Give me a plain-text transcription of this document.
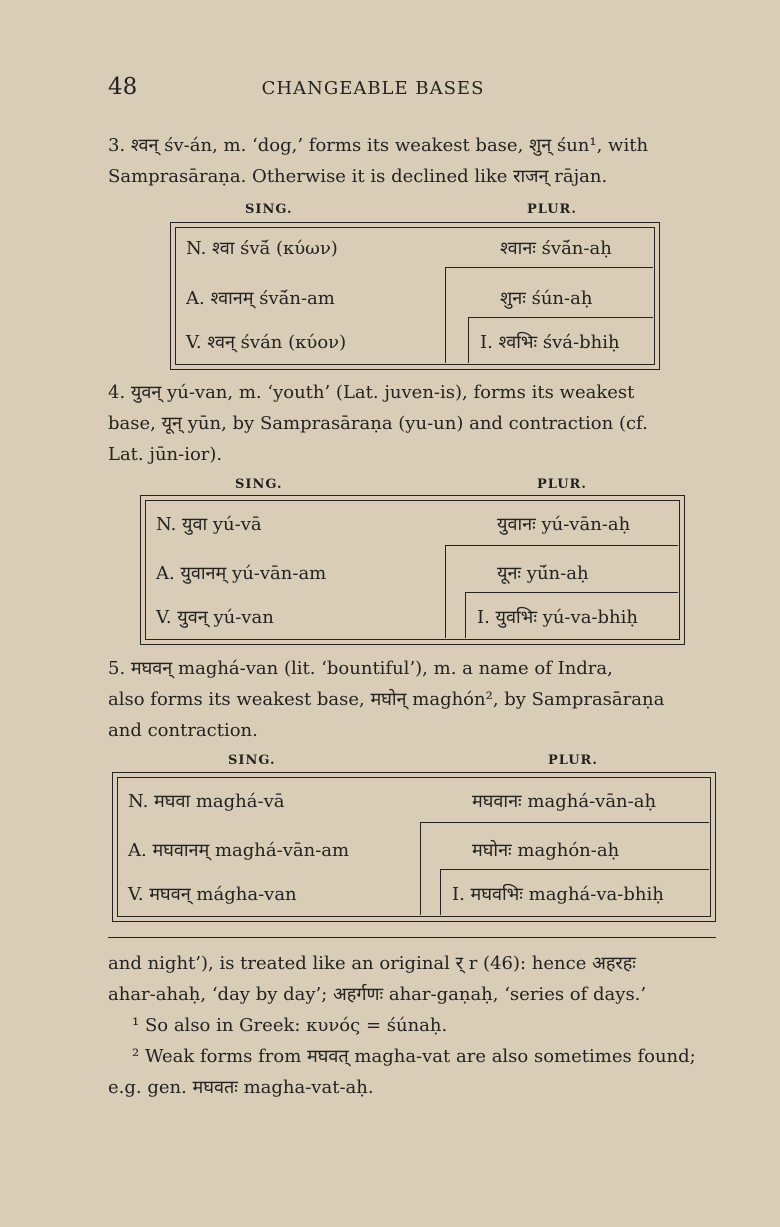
48	CHANGEABLE BASES
3. श्वन् śv-án, m. ‘dog,’ forms its weakest base, शुन् śun¹, with
Samprasāraṇa. Otherwise it is declined like राजन् rājan.
SING.	PLUR.
N. श्वा śvā́ (κύων)	श्वानः śvā́n-aḥ
A. श्वानम् śvā́n-am	शुनः śún-aḥ
V. श्वन् śván (κύον)	I. श्वभिः śvá-bhiḥ
4. युवन् yú-van, m. ‘youth’ (Lat. juven-is), forms its weakest
base, यून् yūn, by Samprasāraṇa (yu-un) and contraction (cf.
Lat. jūn-ior).
SING.	PLUR.
N. युवा yú-vā	युवानः yú-vān-aḥ
A. युवानम् yú-vān-am	यूनः yū́n-aḥ
V. युवन् yú-van	I. युवभिः yú-va-bhiḥ
5. मघवन् maghá-van (lit. ‘bountiful’), m. a name of Indra,
also forms its weakest base, मघोन् maghón², by Samprasāraṇa
and contraction.
SING.	PLUR.
N. मघवा maghá-vā	मघवानः maghá-vān-aḥ
A. मघवानम् maghá-vān-am	मघोनः maghón-aḥ
V. मघवन् mágha-van	I. मघवभिः maghá-va-bhiḥ
and night’), is treated like an original र् r (46): hence अहरहः
ahar-ahaḥ, ‘day by day’; अहर्गणः ahar-gaṇaḥ, ‘series of days.’
¹ So also in Greek: κυνός = śúnaḥ.
² Weak forms from मघवत् magha-vat are also sometimes found;
e.g. gen. मघवतः magha-vat-aḥ.
